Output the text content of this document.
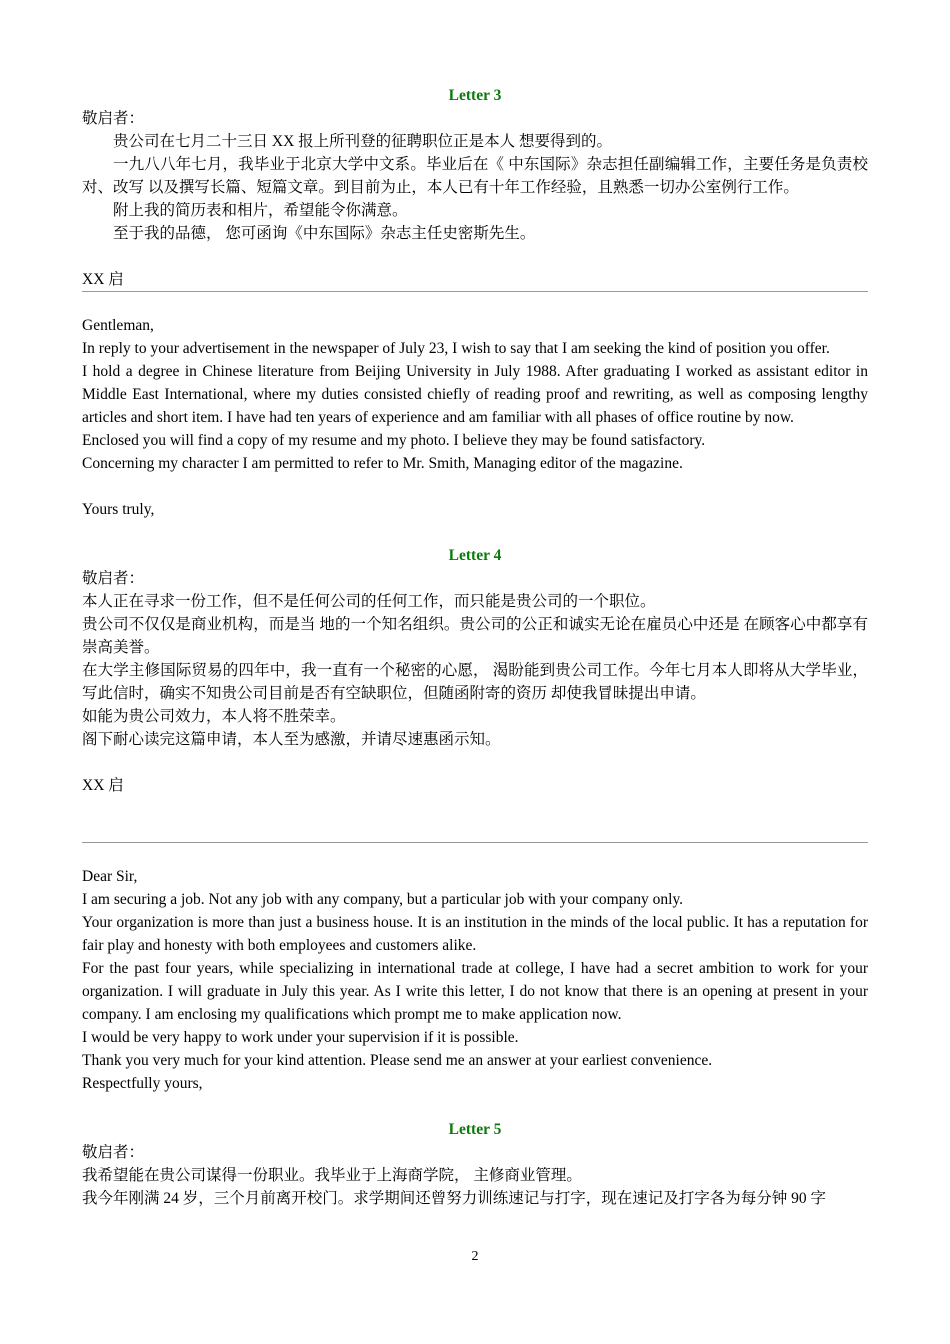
Letter 3

敬启者：

贵公司在七月二十三日 XX 报上所刊登的征聘职位正是本人 想要得到的。

一九八八年七月，我毕业于北京大学中文系。毕业后在《 中东国际》杂志担任副编辑工作，主要任务是负责校对、改写 以及撰写长篇、短篇文章。到目前为止，本人已有十年工作经验，且熟悉一切办公室例行工作。

附上我的简历表和相片，希望能令你满意。

至于我的品德， 您可函询《中东国际》杂志主任史密斯先生。

XX 启

Gentleman,

In reply to your advertisement in the newspaper of July 23, I wish to say that I am seeking the kind of position you offer.

I hold a degree in Chinese literature from Beijing University in July 1988. After graduating I worked as assistant editor in Middle East International, where my duties consisted chiefly of reading proof and rewriting, as well as composing lengthy articles and short item. I have had ten years of experience and am familiar with all phases of office routine by now.

Enclosed you will find a copy of my resume and my photo. I believe they may be found satisfactory.

Concerning my character I am permitted to refer to Mr. Smith, Managing editor of the magazine.

Yours truly,

Letter 4

敬启者：

本人正在寻求一份工作，但不是任何公司的任何工作，而只能是贵公司的一个职位。

贵公司不仅仅是商业机构，而是当 地的一个知名组织。贵公司的公正和诚实无论在雇员心中还是 在顾客心中都享有崇高美誉。

在大学主修国际贸易的四年中，我一直有一个秘密的心愿， 渴盼能到贵公司工作。今年七月本人即将从大学毕业，写此信时，确实不知贵公司目前是否有空缺职位，但随函附寄的资历 却使我冒昧提出申请。

如能为贵公司效力，本人将不胜荣幸。

阁下耐心读完这篇申请，本人至为感激，并请尽速惠函示知。

XX 启

Dear Sir,

I am securing a job. Not any job with any company, but a particular job with your company only.

Your organization is more than just a business house. It is an institution in the minds of the local public. It has a reputation for fair play and honesty with both employees and customers alike.

For the past four years, while specializing in international trade at college, I have had a secret ambition to work for your organization. I will graduate in July this year. As I write this letter, I do not know that there is an opening at present in your company. I am enclosing my qualifications which prompt me to make application now.

I would be very happy to work under your supervision if it is possible.

Thank you very much for your kind attention. Please send me an answer at your earliest convenience.

Respectfully yours,

Letter 5

敬启者：

我希望能在贵公司谋得一份职业。我毕业于上海商学院， 主修商业管理。

我今年刚满 24 岁，三个月前离开校门。求学期间还曾努力训练速记与打字，现在速记及打字各为每分钟 90 字

2
